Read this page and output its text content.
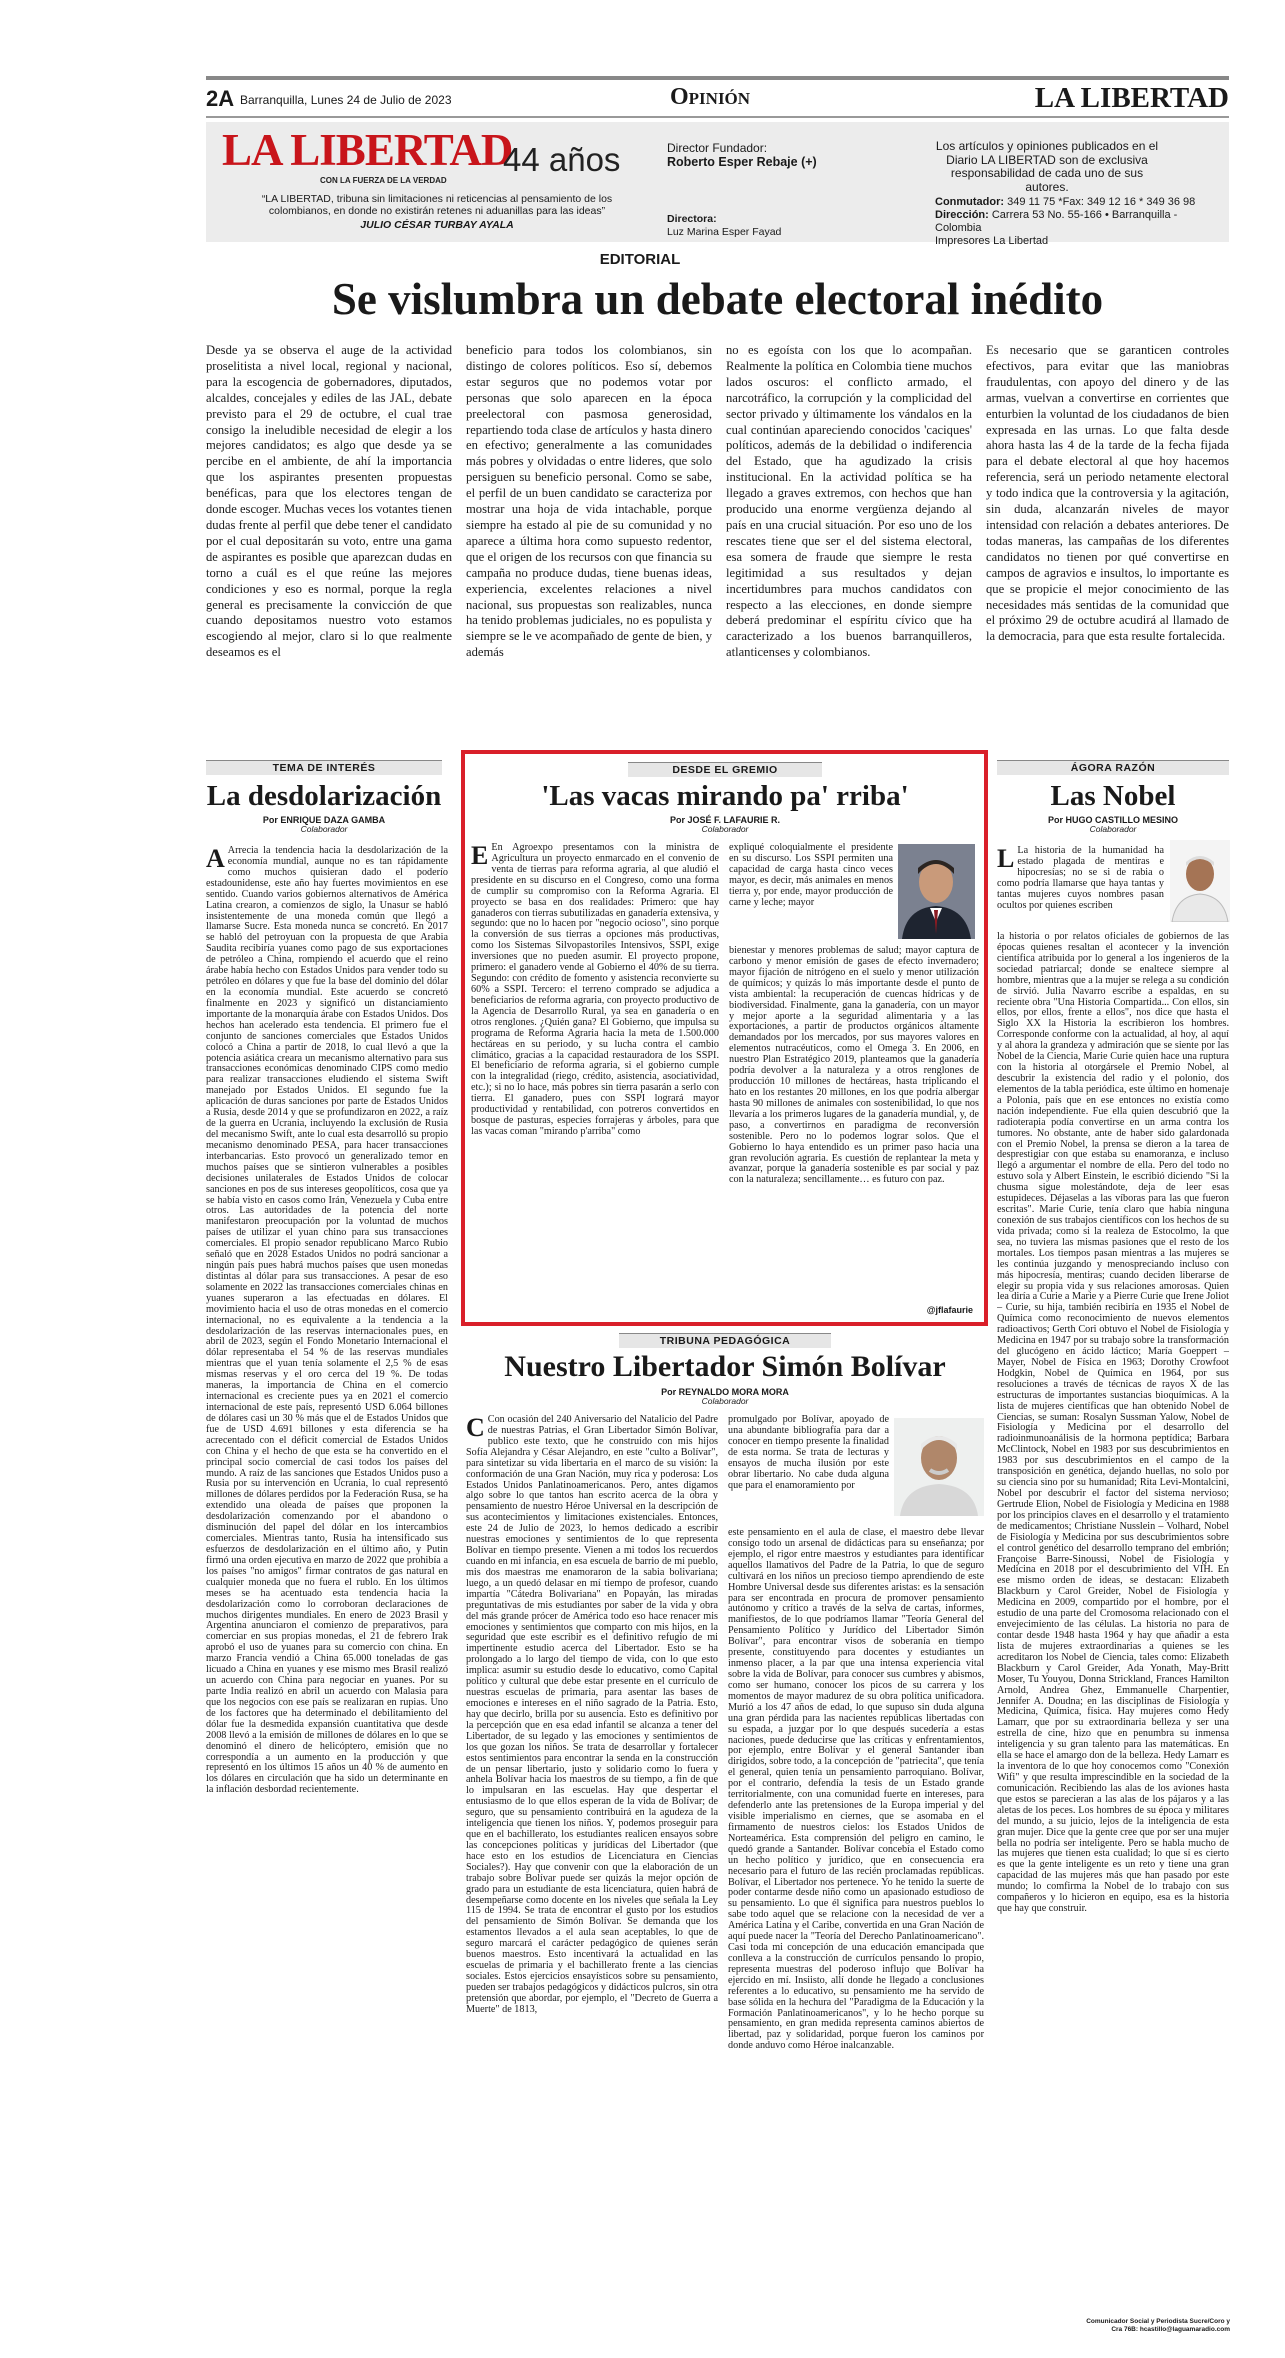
2A Barranquilla, Lunes 24 de Julio de 2023	Opinión	LA LIBERTAD
LA LIBERTAD
CON LA FUERZA DE LA VERDAD
44 años
“LA LIBERTAD, tribuna sin limitaciones ni reticencias al pensamiento de los colombianos, en donde no existirán retenes ni aduanillas para las ideas”
JULIO CÉSAR TURBAY AYALA
Director Fundador:
Roberto Esper Rebaje (+)
Directora:
Luz Marina Esper Fayad
Los artículos y opiniones publicados en el Diario LA LIBERTAD son de exclusiva responsabilidad de cada uno de sus autores.
Conmutador: 349 11 75 *Fax: 349 12 16 * 349 36 98
Dirección: Carrera 53 No. 55-166 • Barranquilla - Colombia
Impresores La Libertad
EDITORIAL
Se vislumbra un debate electoral inédito
Desde ya se observa el auge de la actividad proselitista a nivel local, regional y nacional, para la escogencia de gobernadores, diputados, alcaldes, concejales y ediles de las JAL, debate previsto para el 29 de octubre, el cual trae consigo la ineludible necesidad de elegir a los mejores candidatos; es algo que desde ya se percibe en el ambiente, de ahí la importancia que los aspirantes presenten propuestas benéficas, para que los electores tengan de donde escoger. Muchas veces los votantes tienen dudas frente al perfil que debe tener el candidato por el cual depositarán su voto, entre una gama de aspirantes es posible que aparezcan dudas en torno a cuál es el que reúne las mejores condiciones y eso es normal, porque la regla general es precisamente la convicción de que cuando depositamos nuestro voto estamos escogiendo al mejor, claro si lo que realmente deseamos es el
beneficio para todos los colombianos, sin distingo de colores políticos. Eso sí, debemos estar seguros que no podemos votar por personas que solo aparecen en la época preelectoral con pasmosa generosidad, repartiendo toda clase de artículos y hasta dinero en efectivo; generalmente a las comunidades más pobres y olvidadas o entre lideres, que solo persiguen su beneficio personal. Como se sabe, el perfil de un buen candidato se caracteriza por mostrar una hoja de vida intachable, porque siempre ha estado al pie de su comunidad y no aparece a última hora como supuesto redentor, que el origen de los recursos con que financia su campaña no produce dudas, tiene buenas ideas, experiencia, excelentes relaciones a nivel nacional, sus propuestas son realizables, nunca ha tenido problemas judiciales, no es populista y siempre se le ve acompañado de gente de bien, y además
no es egoísta con los que lo acompañan. Realmente la política en Colombia tiene muchos lados oscuros: el conflicto armado, el narcotráfico, la corrupción y la complicidad del sector privado y últimamente los vándalos en la cual continúan apareciendo conocidos 'caciques' políticos, además de la debilidad o indiferencia del Estado, que ha agudizado la crisis institucional. En la actividad política se ha llegado a graves extremos, con hechos que han producido una enorme vergüenza dejando al país en una crucial situación. Por eso uno de los rescates tiene que ser el del sistema electoral, esa somera de fraude que siempre le resta legitimidad a sus resultados y dejan incertidumbres para muchos candidatos con respecto a las elecciones, en donde siempre deberá predominar el espíritu cívico que ha caracterizado a los buenos barranquilleros, atlanticenses y colombianos.
Es necesario que se garanticen controles efectivos, para evitar que las maniobras fraudulentas, con apoyo del dinero y de las armas, vuelvan a convertirse en corrientes que enturbien la voluntad de los ciudadanos de bien expresada en las urnas. Lo que falta desde ahora hasta las 4 de la tarde de la fecha fijada para el debate electoral al que hoy hacemos referencia, será un periodo netamente electoral y todo indica que la controversia y la agitación, sin duda, alcanzarán niveles de mayor intensidad con relación a debates anteriores. De todas maneras, las campañas de los diferentes candidatos no tienen por qué convertirse en campos de agravios e insultos, lo importante es que se propicie el mejor conocimiento de las necesidades más sentidas de la comunidad que el próximo 29 de octubre acudirá al llamado de la democracia, para que esta resulte fortalecida.
TEMA DE INTERÉS
La desdolarización
Por ENRIQUE DAZA GAMBA
Colaborador
A Arrecia la tendencia hacia la desdolarización de la economía mundial, aunque no es tan rápidamente como muchos quisieran dado el poderío estadounidense, este año hay fuertes movimientos en ese sentido. Cuando varios gobiernos alternativos de América Latina crearon, a comienzos de siglo, la Unasur se habló insistentemente de una moneda común que llegó a llamarse Sucre. Esta moneda nunca se concretó. En 2017 se habló del petroyuan con la propuesta de que Arabia Saudita recibiría yuanes como pago de sus exportaciones de petróleo a China, rompiendo el acuerdo que el reino árabe había hecho con Estados Unidos para vender todo su petróleo en dólares y que fue la base del dominio del dólar en la economía mundial. Este acuerdo se concretó finalmente en 2023 y significó un distanciamiento importante de la monarquía árabe con Estados Unidos. Dos hechos han acelerado esta tendencia. El primero fue el conjunto de sanciones comerciales que Estados Unidos colocó a China a partir de 2018, lo cual llevó a que la potencia asiática creara un mecanismo alternativo para sus transacciones económicas denominado CIPS como medio para realizar transacciones eludiendo el sistema Swift manejado por Estados Unidos. El segundo fue la aplicación de duras sanciones por parte de Estados Unidos a Rusia, desde 2014 y que se profundizaron en 2022, a raíz de la guerra en Ucrania, incluyendo la exclusión de Rusia del mecanismo Swift, ante lo cual esta desarrolló su propio mecanismo denominado PESA, para hacer transacciones interbancarias. Esto provocó un generalizado temor en muchos países que se sintieron vulnerables a posibles decisiones unilaterales de Estados Unidos de colocar sanciones en pos de sus intereses geopolíticos, cosa que ya se había visto en casos como Irán, Venezuela y Cuba entre otros. Las autoridades de la potencia del norte manifestaron preocupación por la voluntad de muchos países de utilizar el yuan chino para sus transacciones comerciales. El propio senador republicano Marco Rubio señaló que en 2028 Estados Unidos no podrá sancionar a ningún país pues habrá muchos países que usen monedas distintas al dólar para sus transacciones. A pesar de eso solamente en 2022 las transacciones comerciales chinas en yuanes superaron a las efectuadas en dólares. El movimiento hacia el uso de otras monedas en el comercio internacional, no es equivalente a la tendencia a la desdolarización de las reservas internacionales pues, en abril de 2023, según el Fondo Monetario Internacional el dólar representaba el 54 % de las reservas mundiales mientras que el yuan tenía solamente el 2,5 % de esas mismas reservas y el oro cerca del 19 %. De todas maneras, la importancia de China en el comercio internacional es creciente pues ya en 2021 el comercio internacional de este país, representó USD 6.064 billones de dólares casi un 30 % más que el de Estados Unidos que fue de USD 4.691 billones y esta diferencia se ha acrecentado con el déficit comercial de Estados Unidos con China y el hecho de que esta se ha convertido en el principal socio comercial de casi todos los países del mundo. A raíz de las sanciones que Estados Unidos puso a Rusia por su intervención en Ucrania, lo cual representó millones de dólares perdidos por la Federación Rusa, se ha extendido una oleada de países que proponen la desdolarización comenzando por el abandono o disminución del papel del dólar en los intercambios comerciales. Mientras tanto, Rusia ha intensificado sus esfuerzos de desdolarización en el último año, y Putin firmó una orden ejecutiva en marzo de 2022 que prohibía a los países "no amigos" firmar contratos de gas natural en cualquier moneda que no fuera el rublo. En los últimos meses se ha acentuado esta tendencia hacia la desdolarización como lo corroboran declaraciones de muchos dirigentes mundiales. En enero de 2023 Brasil y Argentina anunciaron el comienzo de preparativos, para comerciar en sus propias monedas, el 21 de febrero Irak aprobó el uso de yuanes para su comercio con china. En marzo Francia vendió a China 65.000 toneladas de gas licuado a China en yuanes y ese mismo mes Brasil realizó un acuerdo con China para negociar en yuanes. Por su parte India realizó en abril un acuerdo con Malasia para que los negocios con ese país se realizaran en rupias. Uno de los factores que ha determinado el debilitamiento del dólar fue la desmedida expansión cuantitativa que desde 2008 llevó a la emisión de millones de dólares en lo que se denominó el dinero de helicóptero, emisión que no correspondía a un aumento en la producción y que representó en los últimos 15 años un 40 % de aumento en los dólares en circulación que ha sido un determinante en la inflación desbordad recientemente.
DESDE EL GREMIO
'Las vacas mirando pa' rriba'
Por JOSÉ F. LAFAURIE R.
Colaborador
E En Agroexpo presentamos con la ministra de Agricultura un proyecto enmarcado en el convenio de venta de tierras para reforma agraria, al que aludió el presidente en su discurso en el Congreso, como una forma de cumplir su compromiso con la Reforma Agraria. El proyecto se basa en dos realidades: Primero: que hay ganaderos con tierras subutilizadas en ganadería extensiva, y segundo: que no lo hacen por "negocio ocioso", sino porque la conversión de sus tierras a opciones más productivas, como los Sistemas Silvopastoriles Intensivos, SSPI, exige inversiones que no pueden asumir. El proyecto propone, primero: el ganadero vende al Gobierno el 40% de su tierra. Segundo: con crédito de fomento y asistencia reconvierte su 60% a SSPI. Tercero: el terreno comprado se adjudica a beneficiarios de reforma agraria, con proyecto productivo de la Agencia de Desarrollo Rural, ya sea en ganadería o en otros renglones. ¿Quién gana? El Gobierno, que impulsa su programa de Reforma Agraria hacia la meta de 1.500.000 hectáreas en su periodo, y su lucha contra el cambio climático, gracias a la capacidad restauradora de los SSPI. El beneficiario de reforma agraria, si el gobierno cumple con la integralidad (riego, crédito, asistencia, asociatividad, etc.); si no lo hace, más pobres sin tierra pasarán a serlo con tierra. El ganadero, pues con SSPI logrará mayor productividad y rentabilidad, con potreros convertidos en bosque de pasturas, especies forrajeras y árboles, para que las vacas coman "mirando p'arriba" como
expliqué coloquialmente el presidente en su discurso. Los SSPI permiten una capacidad de carga hasta cinco veces mayor, es decir, más animales en menos tierra y, por ende, mayor producción de carne y leche; mayor
bienestar y menores problemas de salud; mayor captura de carbono y menor emisión de gases de efecto invernadero; mayor fijación de nitrógeno en el suelo y menor utilización de químicos; y quizás lo más importante desde el punto de vista ambiental: la recuperación de cuencas hídricas y de biodiversidad. Finalmente, gana la ganadería, con un mayor y mejor aporte a la seguridad alimentaria y a las exportaciones, a partir de productos orgánicos altamente demandados por los mercados, por sus mayores valores en elementos nutracéuticos, como el Omega 3. En 2006, en nuestro Plan Estratégico 2019, planteamos que la ganadería podría devolver a la naturaleza y a otros renglones de producción 10 millones de hectáreas, hasta triplicando el hato en los restantes 20 millones, en los que podría albergar hasta 90 millones de animales con sostenibilidad, lo que nos llevaría a los primeros lugares de la ganadería mundial, y, de paso, a convertirnos en paradigma de reconversión sostenible. Pero no lo podemos lograr solos. Que el Gobierno lo haya entendido es un primer paso hacia una gran revolución agraria. Es cuestión de replantear la meta y avanzar, porque la ganadería sostenible es par social y paz con la naturaleza; sencillamente… es futuro con paz.
@jflafaurie
ÁGORA RAZÓN
Las Nobel
Por HUGO CASTILLO MESINO
Colaborador
L La historia de la humanidad ha estado plagada de mentiras e hipocresías; no se si de rabia o como podría llamarse que haya tantas y tantas mujeres cuyos nombres pasan ocultos por quienes escriben
la historia o por relatos oficiales de gobiernos de las épocas quienes resaltan el acontecer y la invención científica atribuida por lo general a los ingenieros de la sociedad patriarcal; donde se enaltece siempre al hombre, mientras que a la mujer se relega a su condición de sirvió. Julia Navarro escribe a espaldas, en su reciente obra "Una Historia Compartida... Con ellos, sin ellos, por ellos, frente a ellos", nos dice que hasta el Siglo XX la Historia la escribieron los hombres. Corresponde conforme con la actualidad, al hoy, al aquí y al ahora la grandeza y admiración que se siente por las Nobel de la Ciencia, Marie Curie quien hace una ruptura con la historia al otorgársele el Premio Nobel, al descubrir la existencia del radio y el polonio, dos elementos de la tabla periódica, este último en homenaje a Polonia, país que en ese entonces no existía como nación independiente. Fue ella quien descubrió que la radioterapia podía convertirse en un arma contra los tumores. No obstante, ante de haber sido galardonada con el Premio Nobel, la prensa se dieron a la tarea de desprestigiar con que estaba su enamoranza, e incluso llegó a argumentar el nombre de ella. Pero del todo no estuvo sola y Albert Einstein, le escribió diciendo "Si la chusma sigue molestándote, deja de leer esas estupideces. Déjaselas a las víboras para las que fueron escritas". Marie Curie, tenía claro que había ninguna conexión de sus trabajos científicos con los hechos de su vida privada; como si la realeza de Estocolmo, la que sea, no tuviera las mismas pasiones que el resto de los mortales. Los tiempos pasan mientras a las mujeres se les continúa juzgando y menospreciando incluso con más hipocresía, mentiras; cuando deciden liberarse de elegir su propia vida y sus relaciones amorosas. Quien lea diría a Curie a Marie y a Pierre Curie que Irene Joliot – Curie, su hija, también recibiría en 1935 el Nobel de Química como reconocimiento de nuevos elementos radioactivos; Gerth Cori obtuvo el Nobel de Fisiología y Medicina en 1947 por su trabajo sobre la transformación del glucógeno en ácido láctico; María Goeppert – Mayer, Nobel de Física en 1963; Dorothy Crowfoot Hodgkin, Nobel de Química en 1964, por sus resoluciones a través de técnicas de rayos X de las estructuras de importantes sustancias bioquímicas. A la lista de mujeres científicas que han obtenido Nobel de Ciencias, se suman: Rosalyn Sussman Yalow, Nobel de Fisiología y Medicina por el desarrollo del radioinmunoanálisis de la hormona peptídica; Barbara McClintock, Nobel en 1983 por sus descubrimientos en 1983 por sus descubrimientos en el campo de la transposición en genética, dejando huellas, no solo por su ciencia sino por su humanidad; Rita Levi-Montalcini, Nobel por descubrir el factor del sistema nervioso; Gertrude Elion, Nobel de Fisiología y Medicina en 1988 por los principios claves en el desarrollo y el tratamiento de medicamentos; Christiane Nusslein – Volhard, Nobel de Fisiología y Medicina por sus descubrimientos sobre el control genético del desarrollo temprano del embrión; Françoise Barre-Sinoussi, Nobel de Fisiología y Medicina en 2018 por el descubrimiento del VIH. En ese mismo orden de ideas, se destacan: Elizabeth Blackburn y Carol Greider, Nobel de Fisiología y Medicina en 2009, compartido por el hombre, por el estudio de una parte del Cromosoma relacionado con el envejecimiento de las células. La historia no para de contar desde 1948 hasta 1964 y hay que añadir a esta lista de mujeres extraordinarias a quienes se les acreditaron los Nobel de Ciencia, tales como: Elizabeth Blackburn y Carol Greider, Ada Yonath, May-Britt Moser, Tu Youyou, Donna Strickland, Frances Hamilton Arnold, Andrea Ghez, Emmanuelle Charpentier, Jennifer A. Doudna; en las disciplinas de Fisiología y Medicina, Química, física. Hay mujeres como Hedy Lamarr, que por su extraordinaria belleza y ser una estrella de cine, hizo que en penumbra su inmensa inteligencia y su gran talento para las matemáticas. En ella se hace el amargo don de la belleza. Hedy Lamarr es la inventora de lo que hoy conocemos como "Conexión Wifi" y que resulta imprescindible en la sociedad de la comunicación. Recibiendo las alas de los aviones hasta que estos se parecieran a las alas de los pájaros y a las aletas de los peces. Los hombres de su época y militares del mundo, a su juicio, lejos de la inteligencia de esta gran mujer. Dice que la gente cree que por ser una mujer bella no podría ser inteligente. Pero se habla mucho de las mujeres que tienen esta cualidad; lo que sí es cierto es que la gente inteligente es un reto y tiene una gran capacidad de las mujeres más que han pasado por este mundo; lo comfirma la Nobel de lo trabajo con sus compañeros y lo hicieron en equipo, esa es la historia que hay que construir.
Comunicador Social y Periodista Sucre/Coro y Cra 76B: hcastillo@laguamaradio.com
TRIBUNA PEDAGÓGICA
Nuestro Libertador Simón Bolívar
Por REYNALDO MORA MORA
Colaborador
C Con ocasión del 240 Aniversario del Natalicio del Padre de nuestras Patrias, el Gran Libertador Simón Bolívar, publico este texto, que he construido con mis hijos Sofía Alejandra y César Alejandro, en este "culto a Bolívar", para sintetizar su vida libertaria en el marco de su visión: la conformación de una Gran Nación, muy rica y poderosa: Los Estados Unidos Panlatinoamericanos. Pero, antes digamos algo sobre lo que tantos han escrito acerca de la obra y pensamiento de nuestro Héroe Universal en la descripción de sus acontecimientos y limitaciones existenciales. Entonces, este 24 de Julio de 2023, lo hemos dedicado a escribir nuestras emociones y sentimientos de lo que representa Bolívar en tiempo presente. Vienen a mi todos los recuerdos cuando en mi infancia, en esa escuela de barrio de mi pueblo, mis dos maestras me enamoraron de la sabia bolivariana; luego, a un quedó delasar en mí tiempo de profesor, cuando impartía "Cátedra Bolivariana" en Popayán, las miradas preguntativas de mis estudiantes por saber de la vida y obra del más grande prócer de América todo eso hace renacer mis emociones y sentimientos que comparto con mis hijos, en la seguridad que este escribir es el definitivo refugio de mi impertinente estudio acerca del Libertador. Esto se ha prolongado a lo largo del tiempo de vida, con lo que esto implica: asumir su estudio desde lo educativo, como Capital político y cultural que debe estar presente en el currículo de nuestras escuelas de primaria, para asentar las bases de emociones e intereses en el niño sagrado de la Patria. Esto, hay que decirlo, brilla por su ausencia. Esto es definitivo por la percepción que en esa edad infantil se alcanza a tener del Libertador, de su legado y las emociones y sentimientos de los que gozan los niños. Se trata de desarrollar y fortalecer estos sentimientos para encontrar la senda en la construcción de un pensar libertario, justo y solidario como lo fuera y anhela Bolívar hacia los maestros de su tiempo, a fin de que lo impulsaran en las escuelas. Hay que despertar el entusiasmo de lo que ellos esperan de la vida de Bolívar; de seguro, que su pensamiento contribuirá en la agudeza de la inteligencia que tienen los niños. Y, podemos proseguir para que en el bachillerato, los estudiantes realicen ensayos sobre las concepciones políticas y jurídicas del Libertador (que hace esto en los estudios de Licenciatura en Ciencias Sociales?). Hay que convenir con que la elaboración de un trabajo sobre Bolívar puede ser quizás la mejor opción de grado para un estudiante de esta licenciatura, quien habrá de desempeñarse como docente en los niveles que señala la Ley 115 de 1994. Se trata de encontrar el gusto por los estudios del pensamiento de Simón Bolívar. Se demanda que los estamentos llevados a el aula sean aceptables, lo que de seguro marcará el carácter pedagógico de quienes serán buenos maestros. Esto incentivará la actualidad en las escuelas de primaria y el bachillerato frente a las ciencias sociales. Estos ejercicios ensayísticos sobre su pensamiento, pueden ser trabajos pedagógicos y didácticos pulcros, sin otra pretensión que abordar, por ejemplo, el "Decreto de Guerra a Muerte" de 1813,
promulgado por Bolívar, apoyado de una abundante bibliografía para dar a conocer en tiempo presente la finalidad de esta norma. Se trata de lecturas y ensayos de mucha ilusión por este obrar libertario. No cabe duda alguna que para el enamoramiento por
este pensamiento en el aula de clase, el maestro debe llevar consigo todo un arsenal de didácticas para su enseñanza; por ejemplo, el rigor entre maestros y estudiantes para identificar aquellos llamativos del Padre de la Patria, lo que de seguro cultivará en los niños un precioso tiempo aprendiendo de este Hombre Universal desde sus diferentes aristas: es la sensación para ser encontrada en procura de promover pensamiento autónomo y crítico a través de la selva de cartas, informes, manifiestos, de lo que podríamos llamar "Teoría General del Pensamiento Político y Jurídico del Libertador Simón Bolívar", para encontrar visos de soberanía en tiempo presente, constituyendo para docentes y estudiantes un inmenso placer, a la par que una intensa experiencia vital sobre la vida de Bolívar, para conocer sus cumbres y abismos, como ser humano, conocer los picos de su carrera y los momentos de mayor madurez de su obra política unificadora. Murió a los 47 años de edad, lo que supuso sin duda alguna una gran pérdida para las nacientes repúblicas libertadas con su espada, a juzgar por lo que después sucedería a estas naciones, puede deducirse que las críticas y enfrentamientos, por ejemplo, entre Bolívar y el general Santander iban dirigidos, sobre todo, a la concepción de "patriecita", que tenía el general, quien tenía un pensamiento parroquiano. Bolívar, por el contrario, defendía la tesis de un Estado grande territorialmente, con una comunidad fuerte en intereses, para defenderlo ante las pretensiones de la Europa imperial y del visible imperialismo en ciernes, que se asomaba en el firmamento de nuestros cielos: los Estados Unidos de Norteamérica. Esta comprensión del peligro en camino, le quedó grande a Santander. Bolívar concebía el Estado como un hecho político y jurídico, que en consecuencia era necesario para el futuro de las recién proclamadas repúblicas. Bolívar, el Libertador nos pertenece. Yo he tenido la suerte de poder contarme desde niño como un apasionado estudioso de su pensamiento. Lo que él significa para nuestros pueblos lo sabe todo aquel que se relacione con la necesidad de ver a América Latina y el Caribe, convertida en una Gran Nación de aquí puede nacer la "Teoría del Derecho Panlatinoamericano". Casi toda mi concepción de una educación emancipada que conlleva a la construcción de currículos pensando lo propio, representa muestras del poderoso influjo que Bolívar ha ejercido en mí. Insiisto, allí donde he llegado a conclusiones referentes a lo educativo, su pensamiento me ha servido de base sólida en la hechura del "Paradigma de la Educación y la Formación Panlatinoamericanos", y lo he hecho porque su pensamiento, en gran medida representa caminos abiertos de libertad, paz y solidaridad, porque fueron los caminos por donde anduvo como Héroe inalcanzable.
